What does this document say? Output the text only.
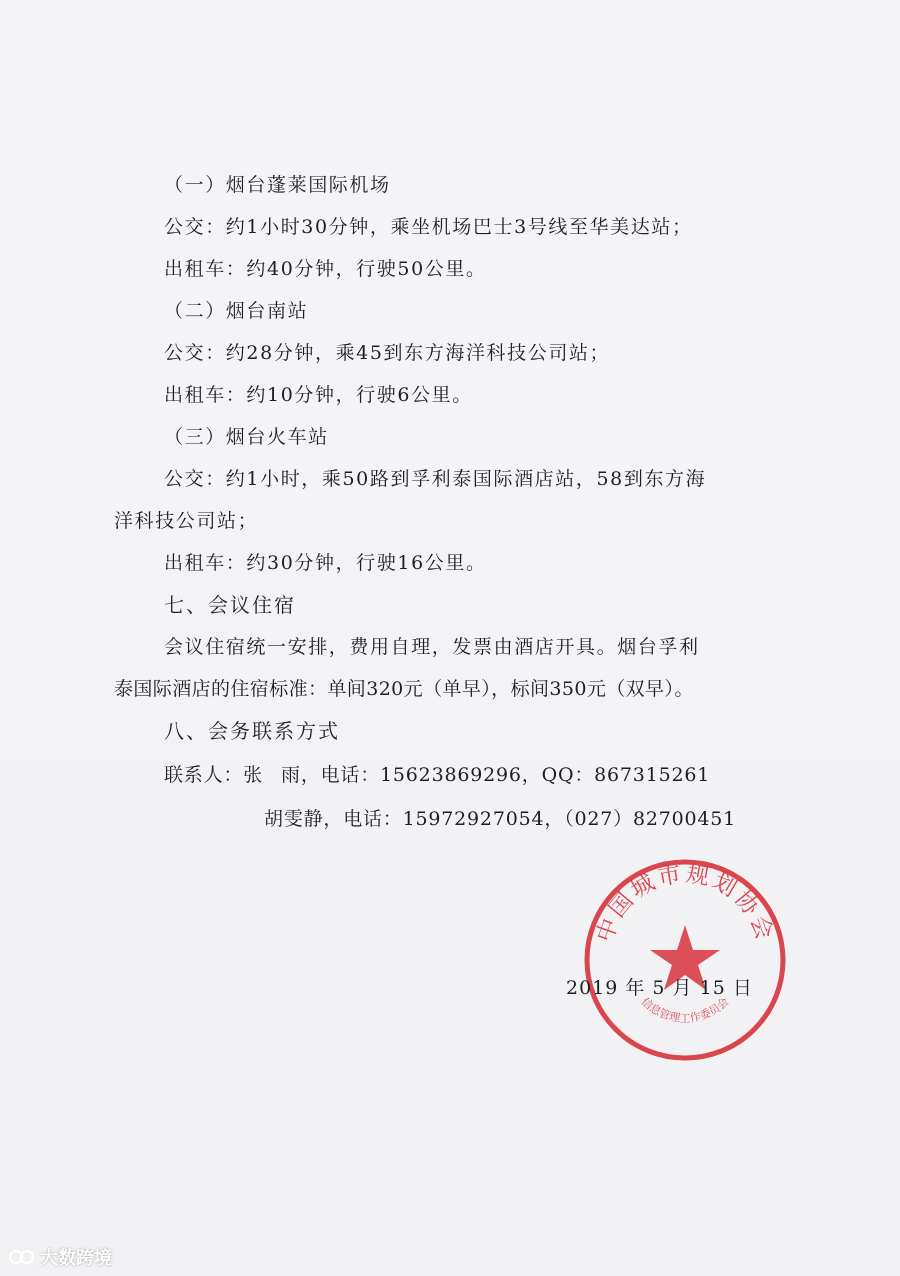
（一）烟台蓬莱国际机场
公交：约1小时30分钟，乘坐机场巴士3号线至华美达站；
出租车：约40分钟，行驶50公里。
（二）烟台南站
公交：约28分钟，乘45到东方海洋科技公司站；
出租车：约10分钟，行驶6公里。
（三）烟台火车站
公交：约1小时，乘50路到孚利泰国际酒店站，58到东方海
洋科技公司站；
出租车：约30分钟，行驶16公里。
七、会议住宿
会议住宿统一安排，费用自理，发票由酒店开具。烟台孚利
泰国际酒店的住宿标准：单间320元（单早），标间350元（双早）。
八、会务联系方式
联系人：张 雨，电话：15623869296，QQ：867315261
胡雯静，电话：15972927054，（027）82700451
中国城市规划协会
信息管理工作委员会
2019 年 5 月 15 日
大数跨境
